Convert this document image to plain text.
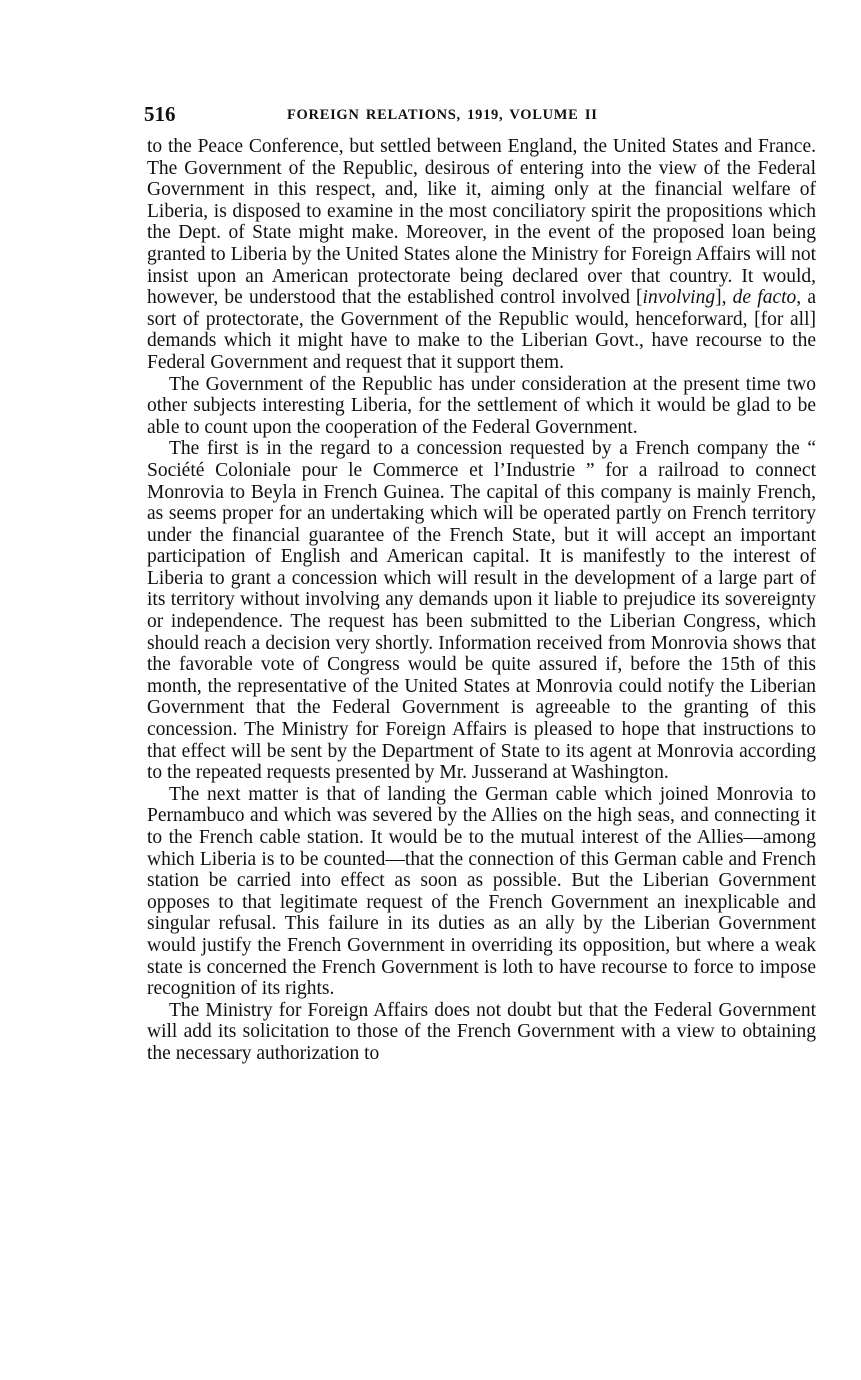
516	FOREIGN RELATIONS, 1919, VOLUME II

to the Peace Conference, but settled between England, the United States and France. The Government of the Republic, desirous of entering into the view of the Federal Government in this respect, and, like it, aiming only at the financial welfare of Liberia, is disposed to examine in the most conciliatory spirit the propositions which the Dept. of State might make. Moreover, in the event of the proposed loan being granted to Liberia by the United States alone the Ministry for Foreign Affairs will not insist upon an American protectorate being declared over that country. It would, however, be understood that the established control involved [involving], de facto, a sort of protectorate, the Government of the Republic would, henceforward, [for all] demands which it might have to make to the Liberian Govt., have recourse to the Federal Government and request that it support them.

The Government of the Republic has under consideration at the present time two other subjects interesting Liberia, for the settlement of which it would be glad to be able to count upon the cooperation of the Federal Government.

The first is in the regard to a concession requested by a French company the “ Société Coloniale pour le Commerce et l’Industrie ” for a railroad to connect Monrovia to Beyla in French Guinea. The capital of this company is mainly French, as seems proper for an undertaking which will be operated partly on French territory under the financial guarantee of the French State, but it will accept an important participation of English and American capital. It is manifestly to the interest of Liberia to grant a concession which will result in the development of a large part of its territory without involving any demands upon it liable to prejudice its sovereignty or independence. The request has been submitted to the Liberian Congress, which should reach a decision very shortly. Information received from Monrovia shows that the favorable vote of Congress would be quite assured if, before the 15th of this month, the representative of the United States at Monrovia could notify the Liberian Government that the Federal Government is agreeable to the granting of this concession. The Ministry for Foreign Affairs is pleased to hope that instructions to that effect will be sent by the Department of State to its agent at Monrovia according to the repeated requests presented by Mr. Jusserand at Washington.

The next matter is that of landing the German cable which joined Monrovia to Pernambuco and which was severed by the Allies on the high seas, and connecting it to the French cable station. It would be to the mutual interest of the Allies—among which Liberia is to be counted—that the connection of this German cable and French station be carried into effect as soon as possible. But the Liberian Government opposes to that legitimate request of the French Government an inexplicable and singular refusal. This failure in its duties as an ally by the Liberian Government would justify the French Government in overriding its opposition, but where a weak state is concerned the French Government is loth to have recourse to force to impose recognition of its rights.

The Ministry for Foreign Affairs does not doubt but that the Federal Government will add its solicitation to those of the French Government with a view to obtaining the necessary authorization to
